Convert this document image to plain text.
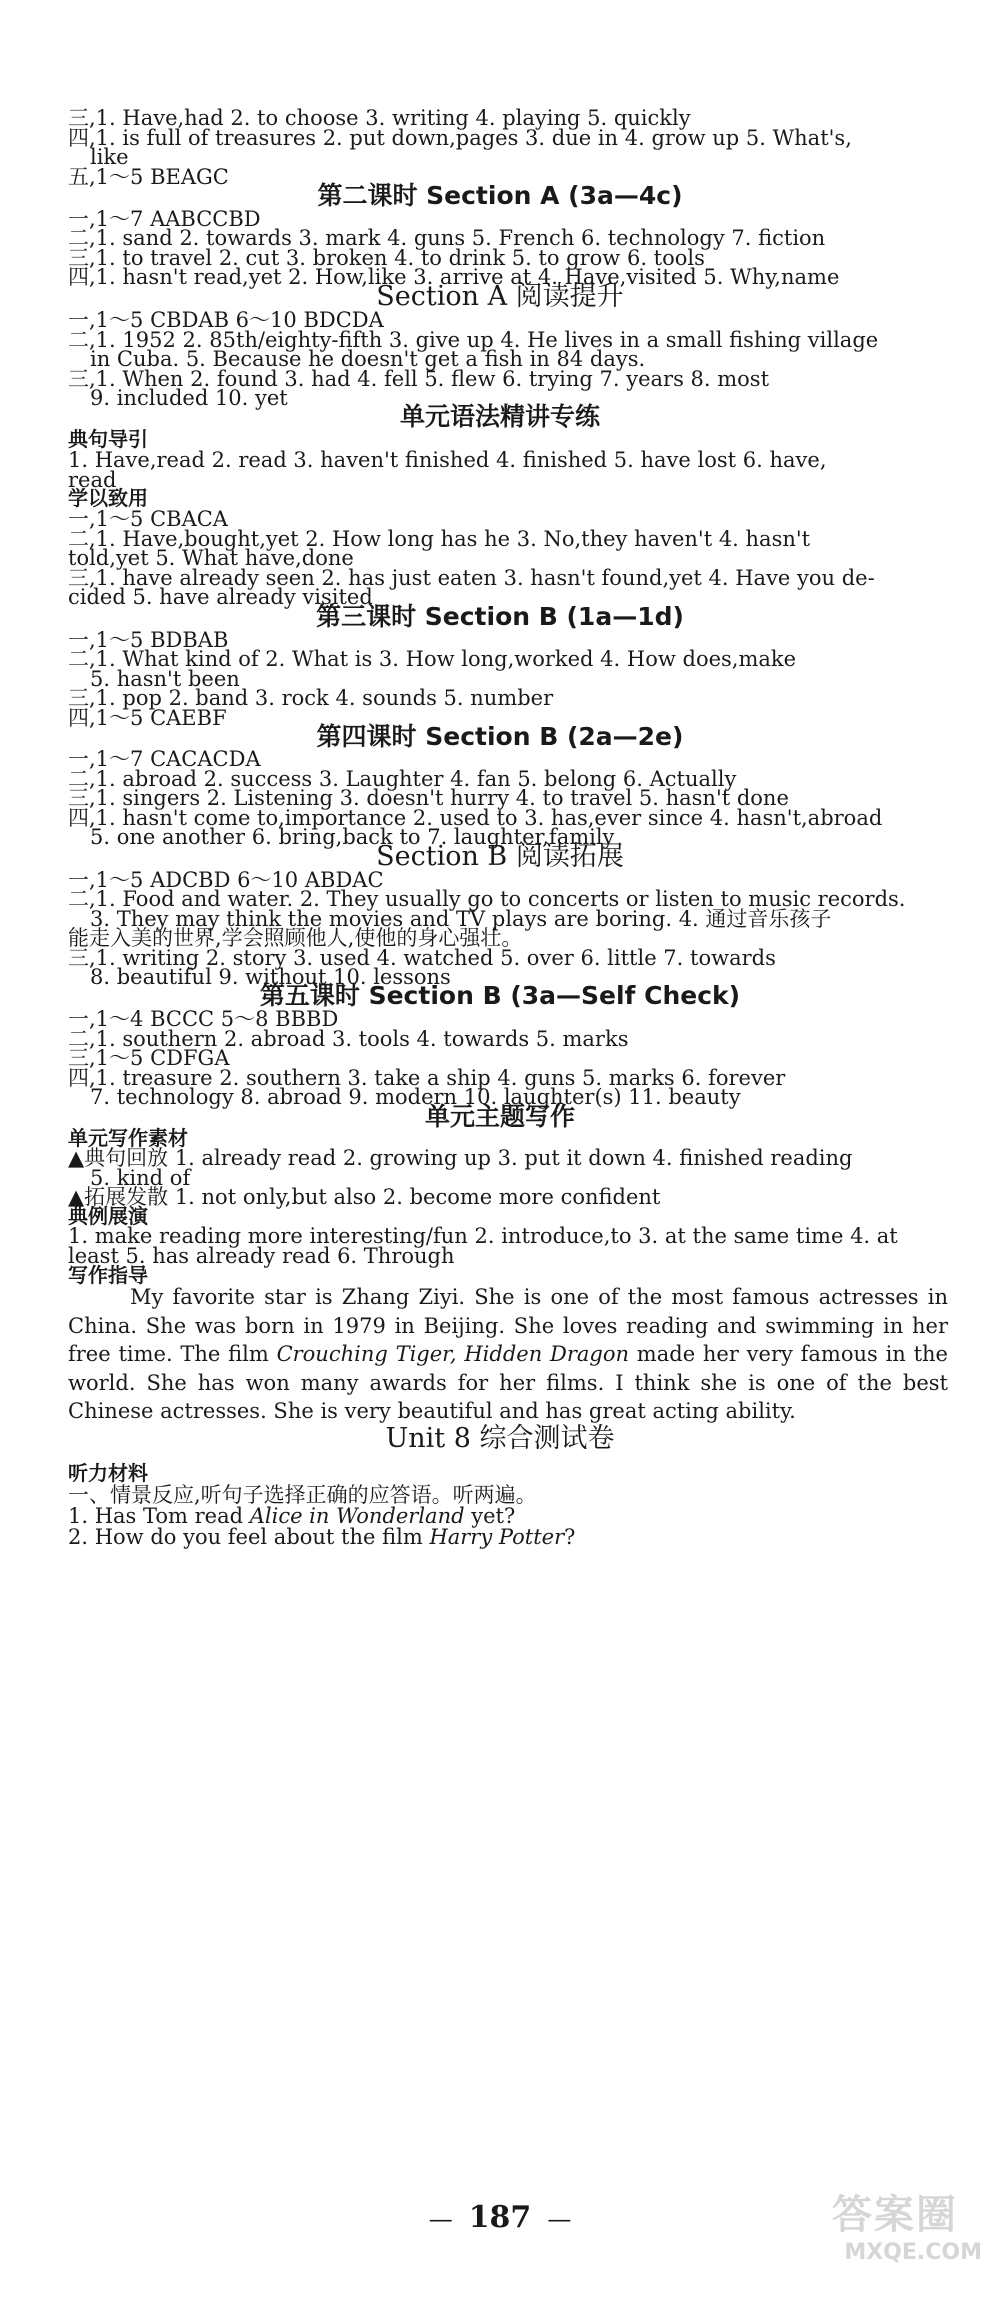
三,1. Have,had 2. to choose 3. writing 4. playing 5. quickly
四,1. is full of treasures 2. put down,pages 3. due in 4. grow up 5. What's,
like
五,1～5 BEAGC
第二课时 Section A (3a—4c)
一,1～7 AABCCBD
二,1. sand 2. towards 3. mark 4. guns 5. French 6. technology 7. fiction
三,1. to travel 2. cut 3. broken 4. to drink 5. to grow 6. tools
四,1. hasn't read,yet 2. How,like 3. arrive at 4. Have,visited 5. Why,name
Section A 阅读提升
一,1～5 CBDAB 6～10 BDCDA
二,1. 1952 2. 85th/eighty-fifth 3. give up 4. He lives in a small fishing village
in Cuba. 5. Because he doesn't get a fish in 84 days.
三,1. When 2. found 3. had 4. fell 5. flew 6. trying 7. years 8. most
9. included 10. yet
单元语法精讲专练
典句导引
1. Have,read 2. read 3. haven't finished 4. finished 5. have lost 6. have,
read
学以致用
一,1～5 CBACA
二,1. Have,bought,yet 2. How long has he 3. No,they haven't 4. hasn't
told,yet 5. What have,done
三,1. have already seen 2. has just eaten 3. hasn't found,yet 4. Have you de-
cided 5. have already visited
第三课时 Section B (1a—1d)
一,1～5 BDBAB
二,1. What kind of 2. What is 3. How long,worked 4. How does,make
5. hasn't been
三,1. pop 2. band 3. rock 4. sounds 5. number
四,1～5 CAEBF
第四课时 Section B (2a—2e)
一,1～7 CACACDA
二,1. abroad 2. success 3. Laughter 4. fan 5. belong 6. Actually
三,1. singers 2. Listening 3. doesn't hurry 4. to travel 5. hasn't done
四,1. hasn't come to,importance 2. used to 3. has,ever since 4. hasn't,abroad
5. one another 6. bring,back to 7. laughter,family
Section B 阅读拓展
一,1～5 ADCBD 6～10 ABDAC
二,1. Food and water. 2. They usually go to concerts or listen to music records.
3. They may think the movies and TV plays are boring. 4. 通过音乐孩子
能走入美的世界,学会照顾他人,使他的身心强壮。
三,1. writing 2. story 3. used 4. watched 5. over 6. little 7. towards
8. beautiful 9. without 10. lessons
第五课时 Section B (3a—Self Check)
一,1～4 BCCC 5～8 BBBD
二,1. southern 2. abroad 3. tools 4. towards 5. marks
三,1～5 CDFGA
四,1. treasure 2. southern 3. take a ship 4. guns 5. marks 6. forever
7. technology 8. abroad 9. modern 10. laughter(s) 11. beauty
单元主题写作
单元写作素材
▲典句回放 1. already read 2. growing up 3. put it down 4. finished reading
5. kind of
▲拓展发散 1. not only,but also 2. become more confident
典例展演
1. make reading more interesting/fun 2. introduce,to 3. at the same time 4. at
least 5. has already read 6. Through
写作指导
My favorite star is Zhang Ziyi. She is one of the most famous actresses in China. She was born in 1979 in Beijing. She loves reading and swimming in her free time. The film Crouching Tiger, Hidden Dragon made her very famous in the world. She has won many awards for her films. I think she is one of the best Chinese actresses. She is very beautiful and has great acting ability.
Unit 8 综合测试卷
听力材料
一、情景反应,听句子选择正确的应答语。听两遍。
1. Has Tom read Alice in Wonderland yet?
2. How do you feel about the film Harry Potter?
— 187 —	答案圈
MXQE.COM
